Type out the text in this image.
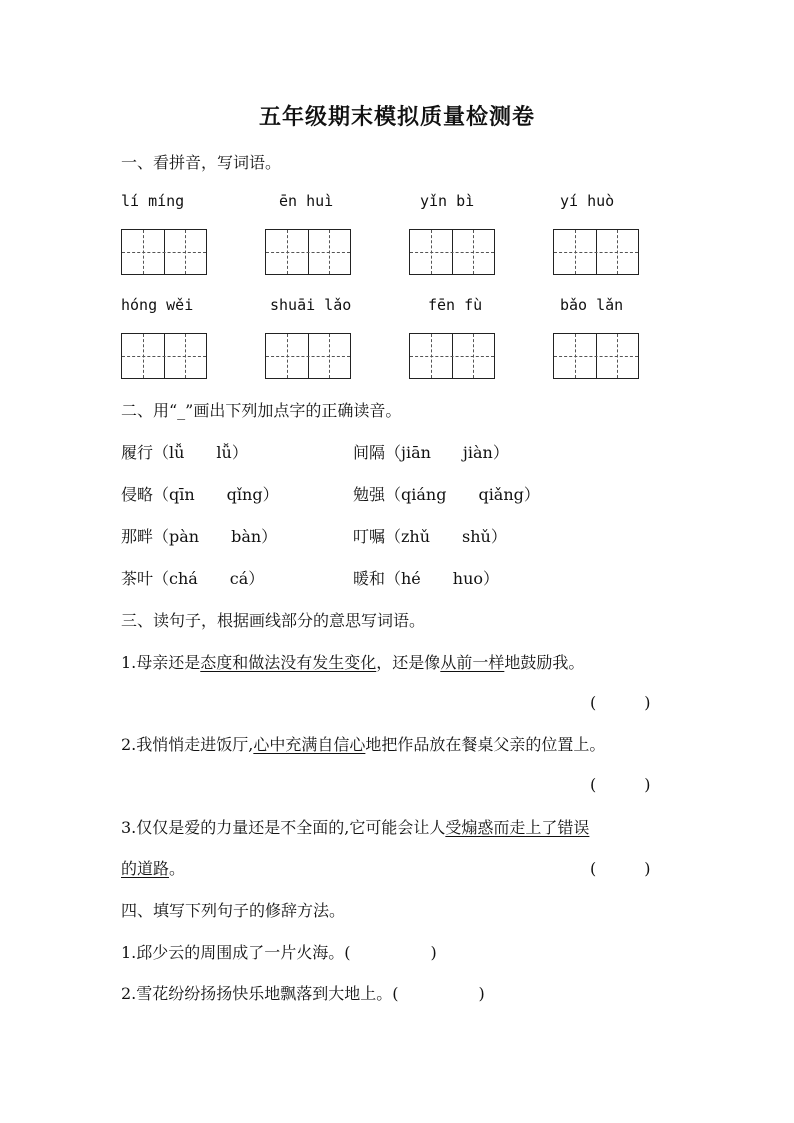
五年级期末模拟质量检测卷
一、看拼音，写词语。
lí míng	ēn huì	yǐn bì	yí huò
hóng wěi	shuāi lǎo	fēn fù	bǎo lǎn
二、用“_”画出下列加点字的正确读音。
履行（lǚ　　lǚ）	间隔（jiān　　jiàn）
侵略（qīn　　qǐng）	勉强（qiáng　　qiǎng）
那畔（pàn　　bàn）	叮嘱（zhǔ　　shǔ）
茶叶（chá　　cá）	暖和（hé　　huo）
三、读句子，根据画线部分的意思写词语。
1.母亲还是态度和做法没有发生变化，还是像从前一样地鼓励我。
(　　　)
2.我悄悄走进饭厅,心中充满自信心地把作品放在餐桌父亲的位置上。
(　　　)
3.仅仅是爱的力量还是不全面的,它可能会让人受煽惑而走上了错误
的道路。	(　　　)
四、填写下列句子的修辞方法。
1.邱少云的周围成了一片火海。(　　　　　)
2.雪花纷纷扬扬快乐地飘落到大地上。(　　　　　)
